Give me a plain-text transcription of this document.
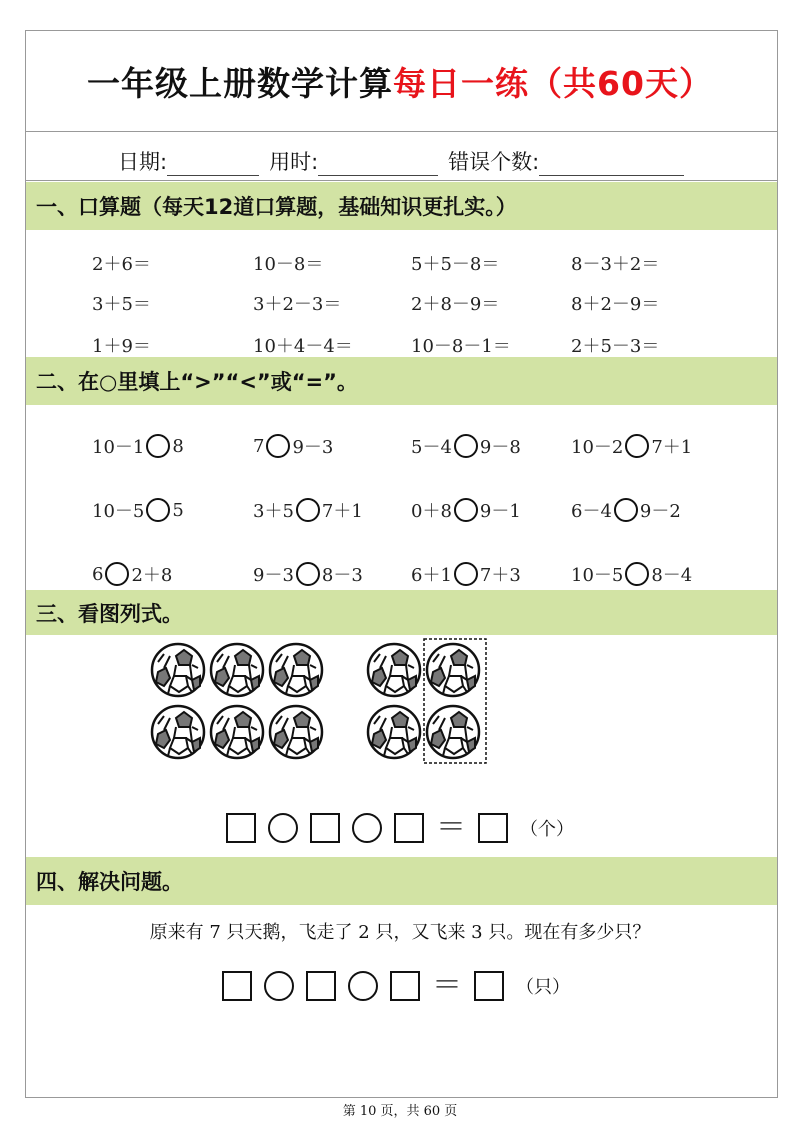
一年级上册数学计算每日一练（共60天）
日期:	用时:	错误个数:
一、口算题（每天12道口算题，基础知识更扎实。）
2＋6＝	10－8＝	5＋5－8＝	8－3＋2＝
3＋5＝	3＋2－3＝	2＋8－9＝	8＋2－9＝
1＋9＝	10＋4－4＝	10－8－1＝	2＋5－3＝
二、在○里填上“>”“<”或“=”。
10－1 8	7 9－3	5－4 9－8	10－2 7＋1
10－5 5	3＋5 7＋1	0＋8 9－1	6－4 9－2
6 2＋8	9－3 8－3	6＋1 7＋3	10－5 8－4
三、看图列式。
＝	（个）
四、解决问题。
原来有 7 只天鹅，飞走了 2 只，又飞来 3 只。现在有多少只？
＝	（只）
第 10 页，共 60 页
